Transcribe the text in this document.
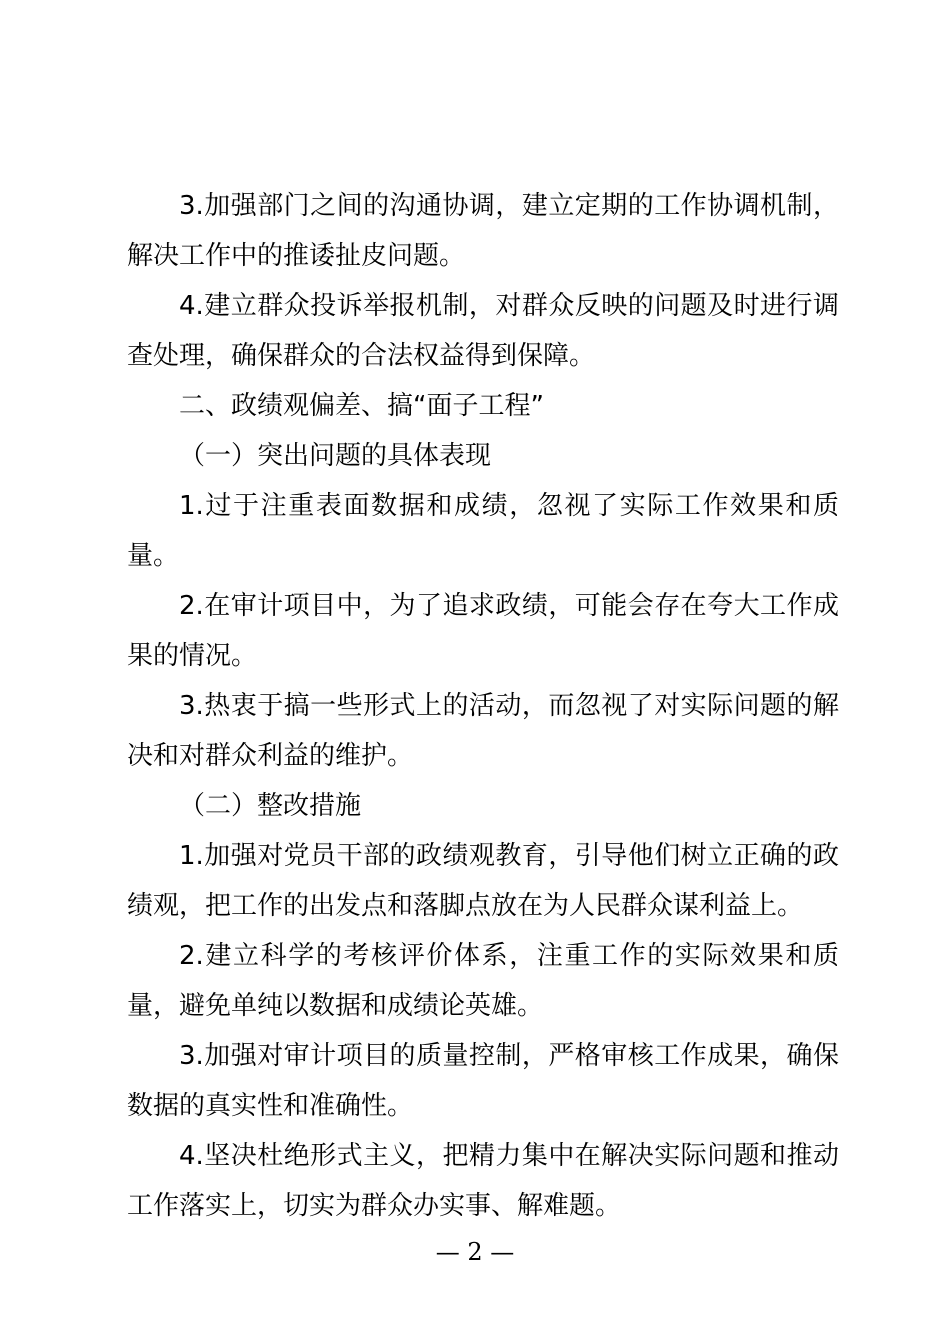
3.加强部门之间的沟通协调，建立定期的工作协调机制，解决工作中的推诿扯皮问题。

4.建立群众投诉举报机制，对群众反映的问题及时进行调查处理，确保群众的合法权益得到保障。

二、政绩观偏差、搞“面子工程”

（一）突出问题的具体表现

1.过于注重表面数据和成绩，忽视了实际工作效果和质量。

2.在审计项目中，为了追求政绩，可能会存在夸大工作成果的情况。

3.热衷于搞一些形式上的活动，而忽视了对实际问题的解决和对群众利益的维护。

（二）整改措施

1.加强对党员干部的政绩观教育，引导他们树立正确的政绩观，把工作的出发点和落脚点放在为人民群众谋利益上。

2.建立科学的考核评价体系，注重工作的实际效果和质量，避免单纯以数据和成绩论英雄。

3.加强对审计项目的质量控制，严格审核工作成果，确保数据的真实性和准确性。

4.坚决杜绝形式主义，把精力集中在解决实际问题和推动工作落实上，切实为群众办实事、解难题。

— 2 —
